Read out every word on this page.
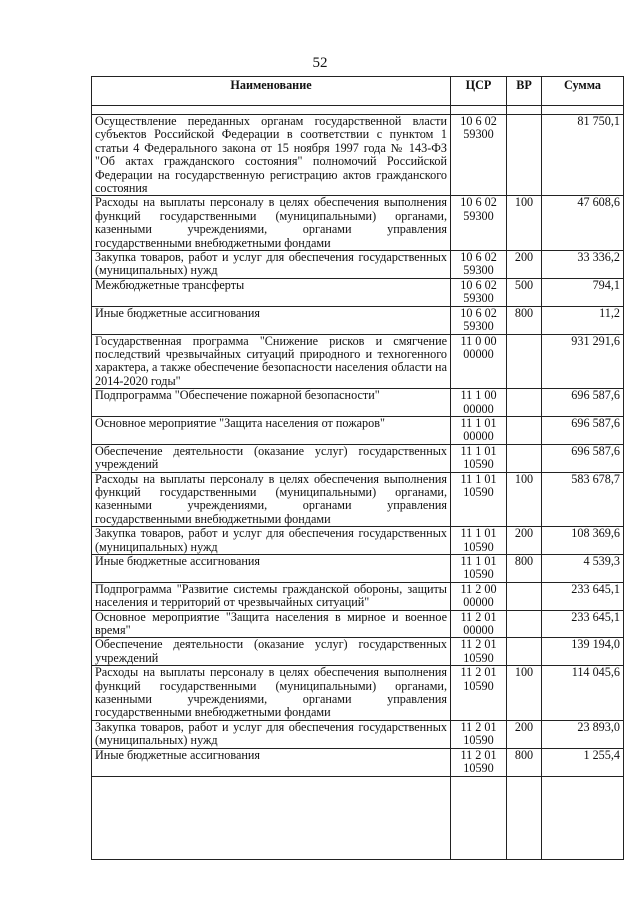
52
Наименование	ЦСР	ВР	Сумма

Осуществление переданных органам государственной власти субъектов Российской Федерации в соответствии с пунктом 1 статьи 4 Федерального закона от 15 ноября 1997 года № 143-ФЗ "Об актах гражданского состояния" полномочий Российской Федерации на государственную регистрацию актов гражданского состояния	10 6 02 59300		81 750,1
Расходы на выплаты персоналу в целях обеспечения выполнения функций государственными (муниципальными) органами, казенными учреждениями, органами управления государственными внебюджетными фондами	10 6 02 59300	100	47 608,6
Закупка товаров, работ и услуг для обеспечения государственных (муниципальных) нужд	10 6 02 59300	200	33 336,2
Межбюджетные трансферты	10 6 02 59300	500	794,1
Иные бюджетные ассигнования	10 6 02 59300	800	11,2
Государственная программа "Снижение рисков и смягчение последствий чрезвычайных ситуаций природного и техногенного характера, а также обеспечение безопасности населения области на 2014-2020 годы"	11 0 00 00000		931 291,6
Подпрограмма "Обеспечение пожарной безопасности"	11 1 00 00000		696 587,6
Основное мероприятие "Защита населения от пожаров"	11 1 01 00000		696 587,6
Обеспечение деятельности (оказание услуг) государственных учреждений	11 1 01 10590		696 587,6
Расходы на выплаты персоналу в целях обеспечения выполнения функций государственными (муниципальными) органами, казенными учреждениями, органами управления государственными внебюджетными фондами	11 1 01 10590	100	583 678,7
Закупка товаров, работ и услуг для обеспечения государственных (муниципальных) нужд	11 1 01 10590	200	108 369,6
Иные бюджетные ассигнования	11 1 01 10590	800	4 539,3
Подпрограмма "Развитие системы гражданской обороны, защиты населения и территорий от чрезвычайных ситуаций"	11 2 00 00000		233 645,1
Основное мероприятие "Защита населения в мирное и военное время"	11 2 01 00000		233 645,1
Обеспечение деятельности (оказание услуг) государственных учреждений	11 2 01 10590		139 194,0
Расходы на выплаты персоналу в целях обеспечения выполнения функций государственными (муниципальными) органами, казенными учреждениями, органами управления государственными внебюджетными фондами	11 2 01 10590	100	114 045,6
Закупка товаров, работ и услуг для обеспечения государственных (муниципальных) нужд	11 2 01 10590	200	23 893,0
Иные бюджетные ассигнования	11 2 01 10590	800	1 255,4
